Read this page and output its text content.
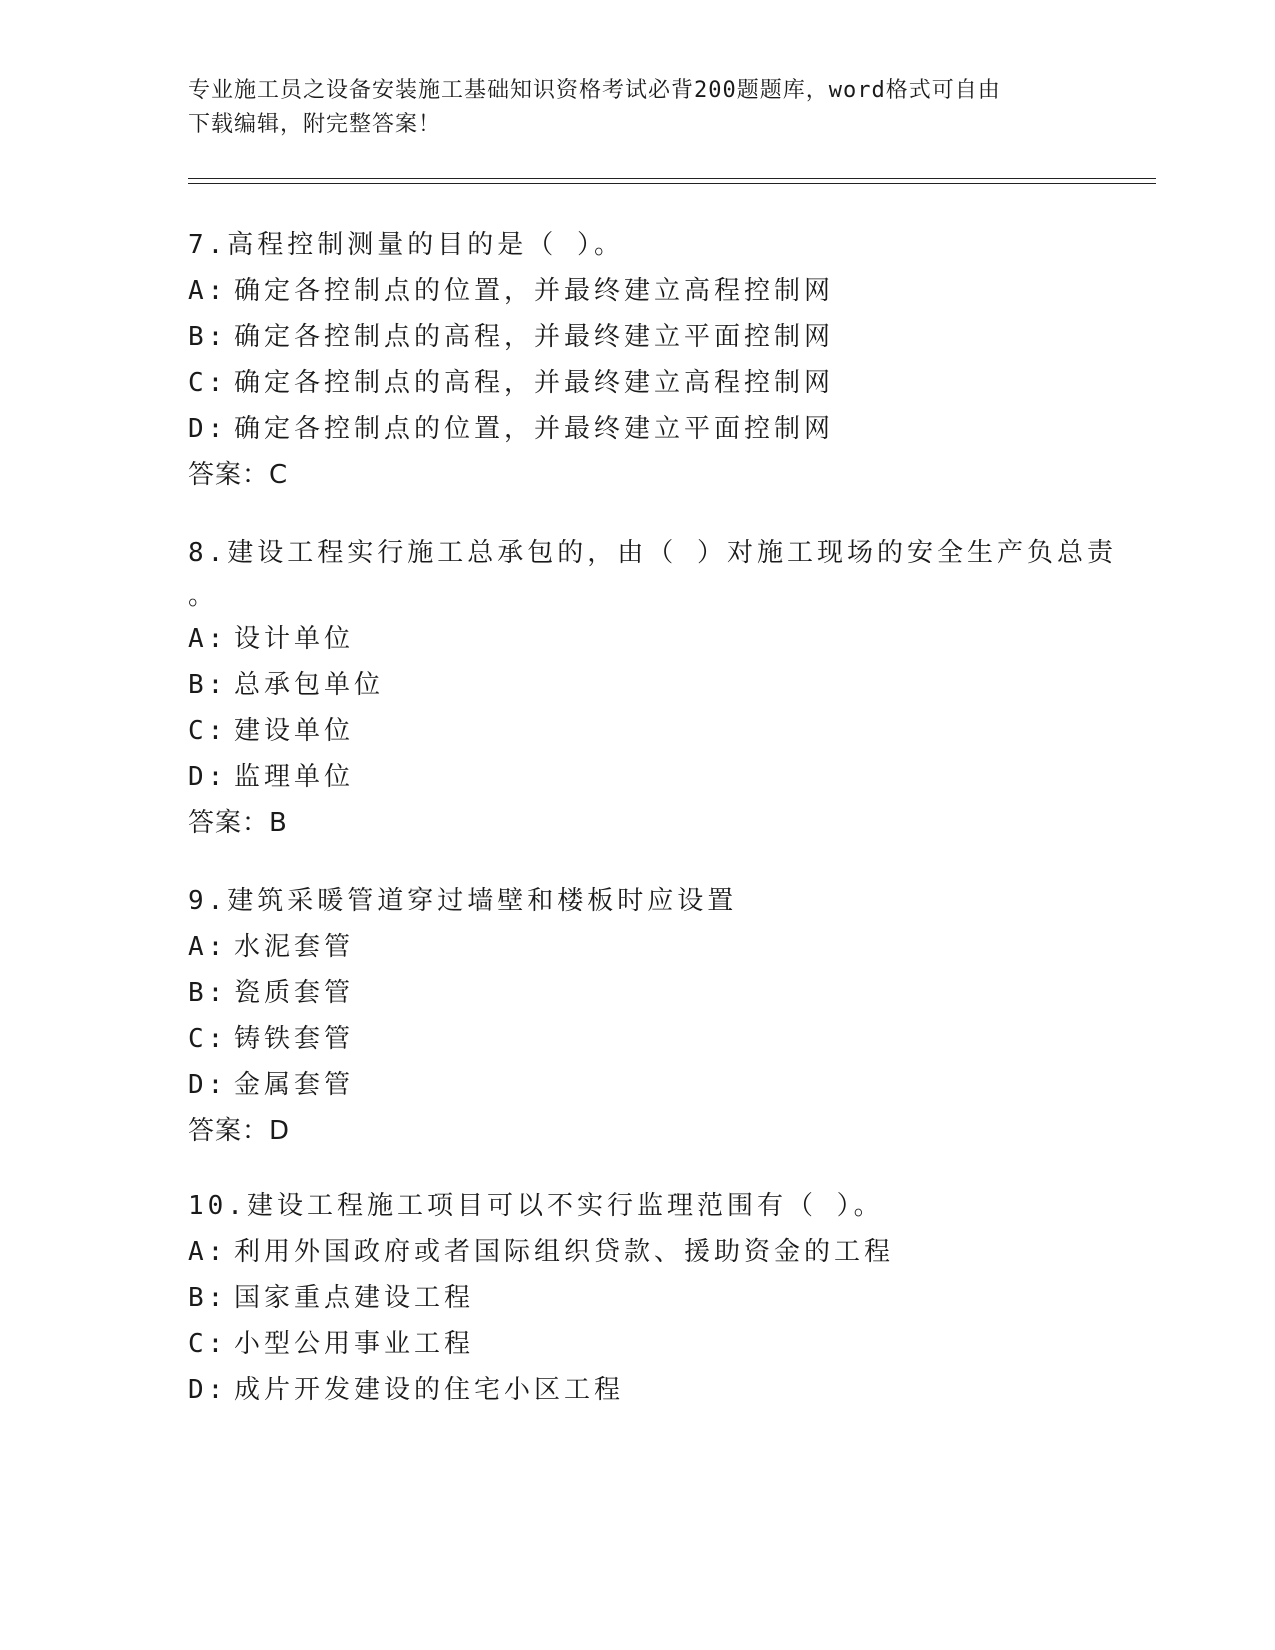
专业施工员之设备安装施工基础知识资格考试必背200题题库，word格式可自由
下载编辑，附完整答案！
7.高程控制测量的目的是（ ）。
A: 确定各控制点的位置，并最终建立高程控制网
B: 确定各控制点的高程，并最终建立平面控制网
C: 确定各控制点的高程，并最终建立高程控制网
D: 确定各控制点的位置，并最终建立平面控制网
答案：C
8.建设工程实行施工总承包的，由（ ）对施工现场的安全生产负总责
。
A: 设计单位
B: 总承包单位
C: 建设单位
D: 监理单位
答案：B
9.建筑采暖管道穿过墙壁和楼板时应设置
A: 水泥套管
B: 瓷质套管
C: 铸铁套管
D: 金属套管
答案：D
10.建设工程施工项目可以不实行监理范围有（ ）。
A: 利用外国政府或者国际组织贷款、援助资金的工程
B: 国家重点建设工程
C: 小型公用事业工程
D: 成片开发建设的住宅小区工程
